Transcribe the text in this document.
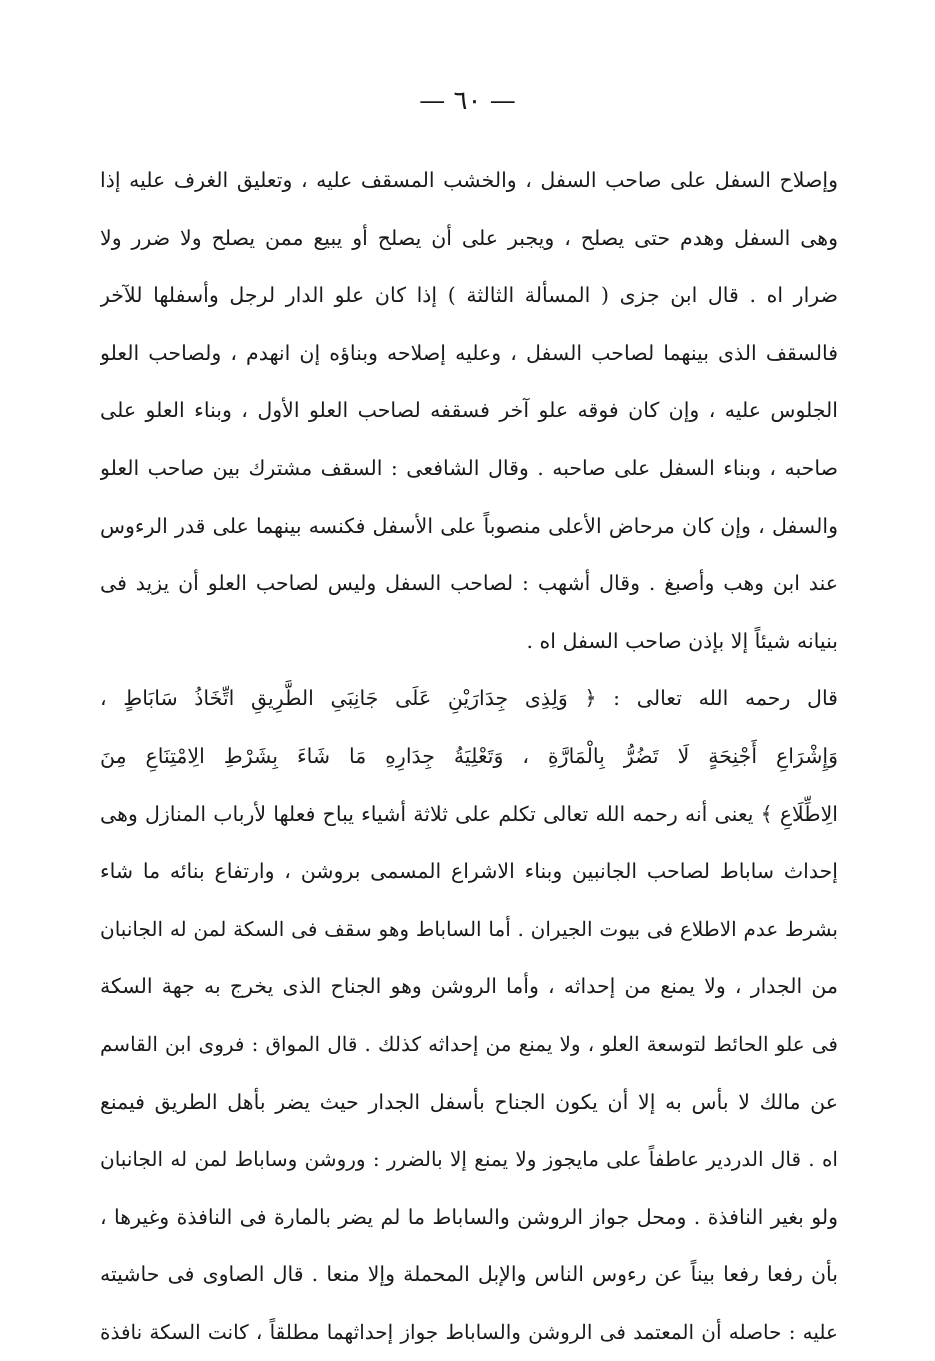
— ٦٠ —
وإصلاح السفل على صاحب السفل ، والخشب المسقف عليه ، وتعليق الغرف عليه إذا
وهى السفل وهدم حتى يصلح ، ويجبر على أن يصلح أو يبيع ممن يصلح ولا ضرر ولا
ضرار اه . قال ابن جزى ( المسألة الثالثة ) إذا كان علو الدار لرجل وأسفلها للآخر
فالسقف الذى بينهما لصاحب السفل ، وعليه إصلاحه وبناؤه إن انهدم ، ولصاحب العلو
الجلوس عليه ، وإن كان فوقه علو آخر فسقفه لصاحب العلو الأول ، وبناء العلو على
صاحبه ، وبناء السفل على صاحبه . وقال الشافعى : السقف مشترك بين صاحب العلو
والسفل ، وإن كان مرحاض الأعلى منصوباً على الأسفل فكنسه بينهما على قدر الرءوس
عند ابن وهب وأصبغ . وقال أشهب : لصاحب السفل وليس لصاحب العلو أن يزيد فى
بنيانه شيئاً إلا بإذن صاحب السفل اه .
قال رحمه الله تعالى : ﴿ وَلِذِى جِدَارَيْنِ عَلَى جَانِبَىِ الطَّرِيقِ اتِّخَاذُ سَابَاطٍ ،
وَإِشْرَاعِ أَجْنِحَةٍ لَا تَضُرُّ بِالْمَارَّةِ ، وَتَعْلِيَةُ جِدَارِهِ مَا شَاءَ بِشَرْطِ الِامْتِنَاعِ مِنَ
الِاطِّلَاعِ ﴾ يعنى أنه رحمه الله تعالى تكلم على ثلاثة أشياء يباح فعلها لأرباب المنازل وهى
إحداث ساباط لصاحب الجانبين وبناء الاشراع المسمى بروشن ، وارتفاع بنائه ما شاء
بشرط عدم الاطلاع فى بيوت الجيران . أما الساباط وهو سقف فى السكة لمن له الجانبان
من الجدار ، ولا يمنع من إحداثه ، وأما الروشن وهو الجناح الذى يخرج به جهة السكة
فى علو الحائط لتوسعة العلو ، ولا يمنع من إحداثه كذلك . قال المواق : فروى ابن القاسم
عن مالك لا بأس به إلا أن يكون الجناح بأسفل الجدار حيث يضر بأهل الطريق فيمنع
اه . قال الدردير عاطفاً على مايجوز ولا يمنع إلا بالضرر : وروشن وساباط لمن له الجانبان
ولو بغير النافذة . ومحل جواز الروشن والساباط ما لم يضر بالمارة فى النافذة وغيرها ،
بأن رفعا رفعا بيناً عن رءوس الناس والإبل المحملة وإلا منعا . قال الصاوى فى حاشيته
عليه : حاصله أن المعتمد فى الروشن والساباط جواز إحداثهما مطلقاً ، كانت السكة نافذة
